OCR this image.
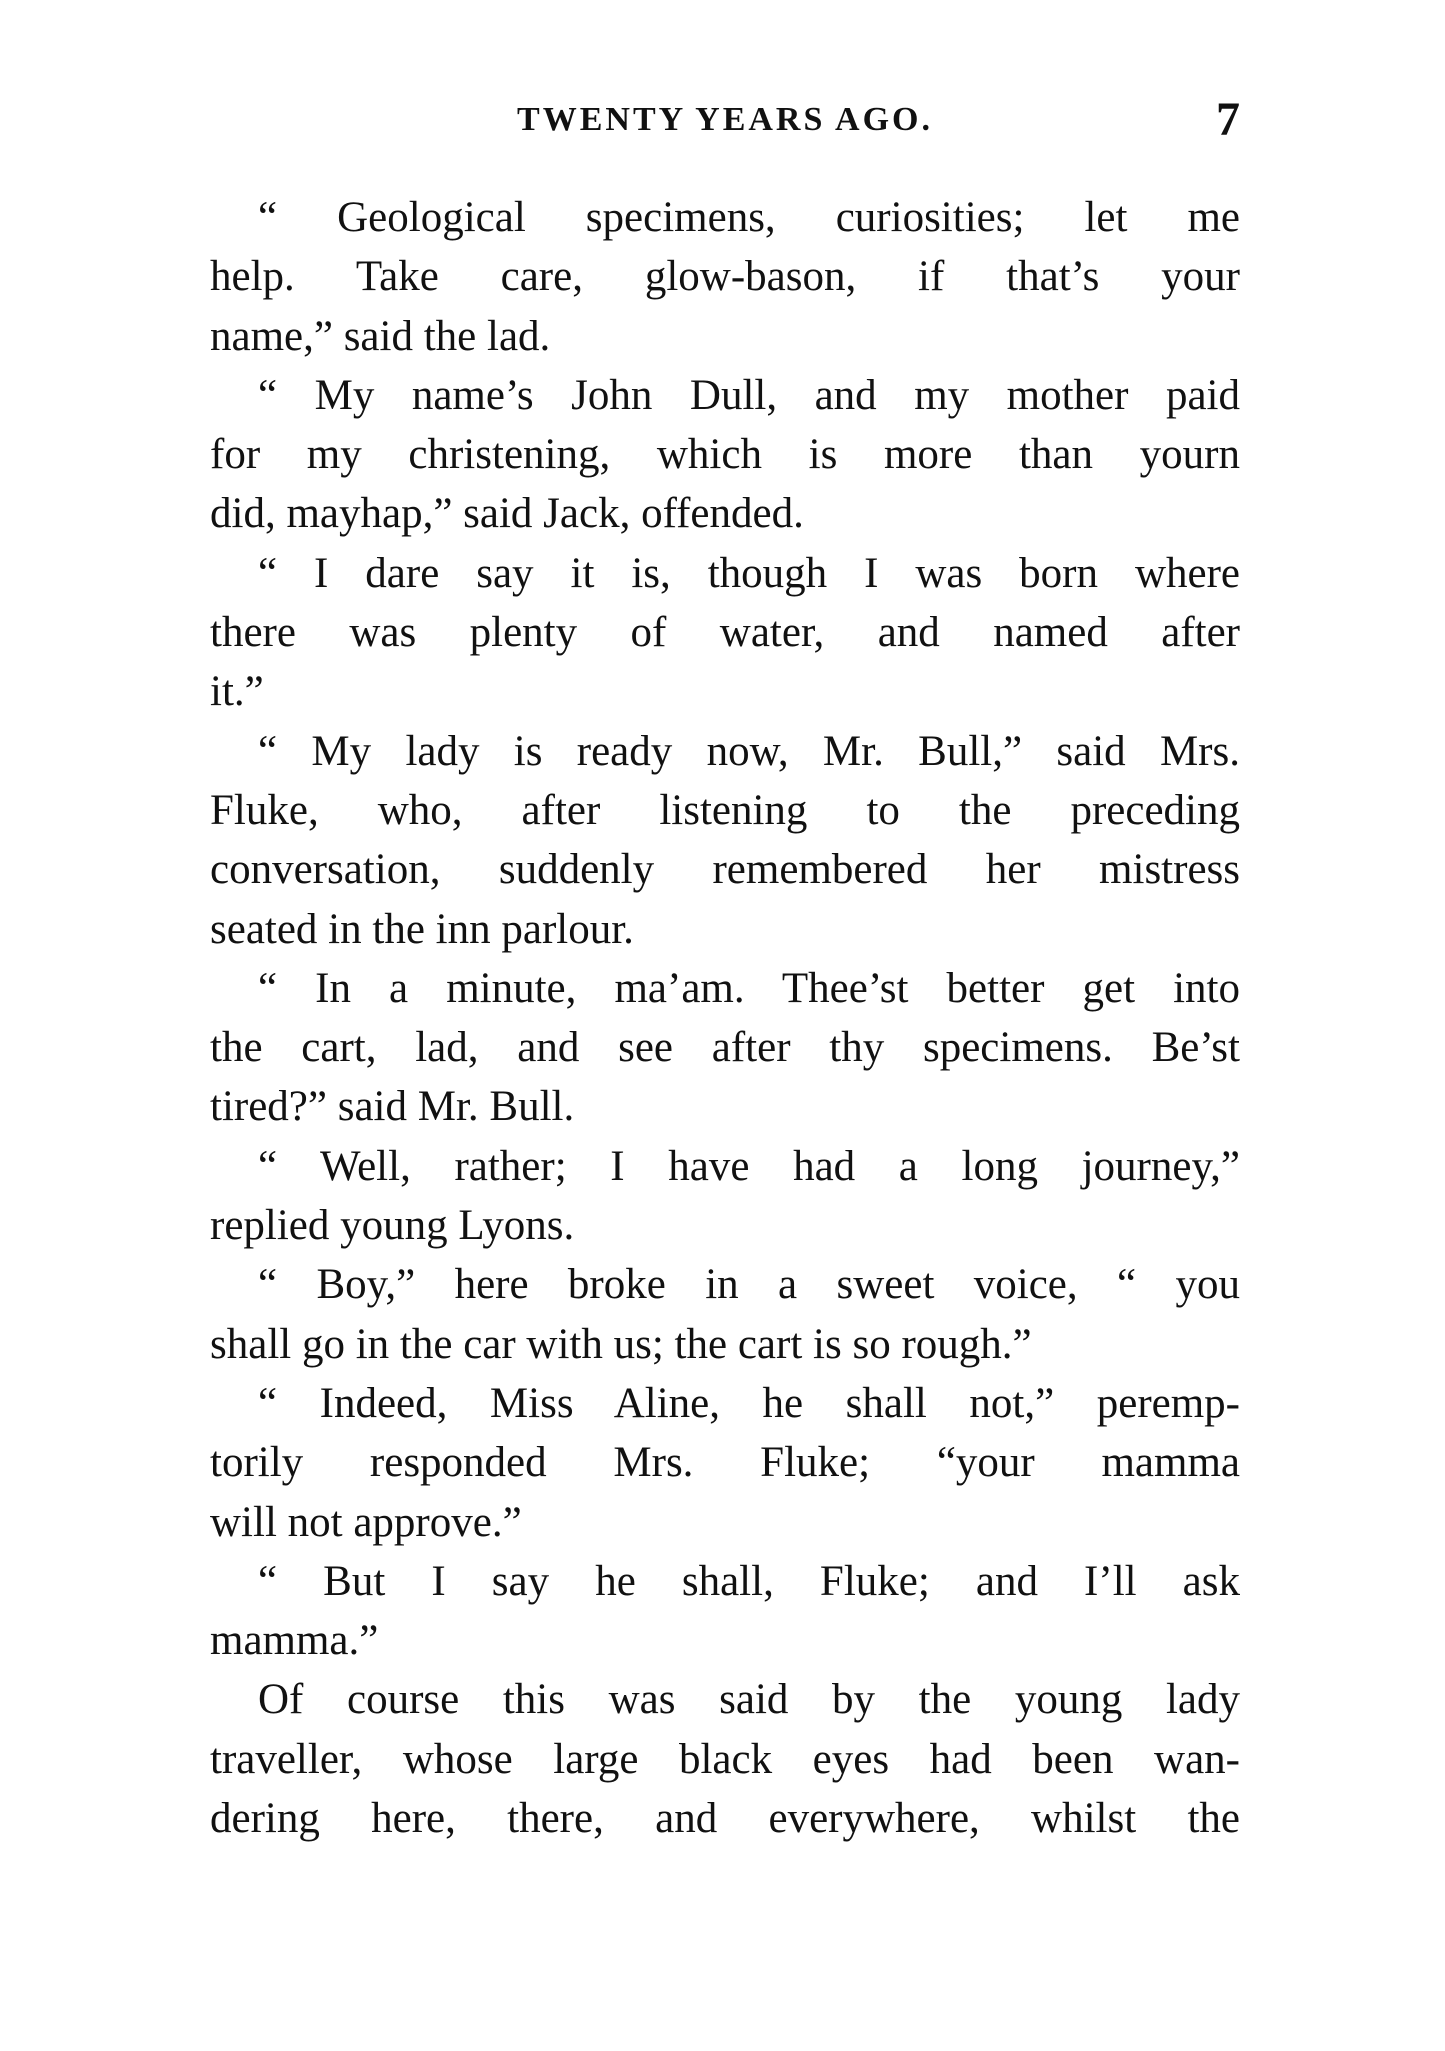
TWENTY YEARS AGO.	7

“ Geological specimens, curiosities; let me
help. Take care, glow-bason, if that’s your
name,” said the lad.

“ My name’s John Dull, and my mother paid
for my christening, which is more than yourn
did, mayhap,” said Jack, offended.

“ I dare say it is, though I was born where
there was plenty of water, and named after
it.”

“ My lady is ready now, Mr. Bull,” said Mrs.
Fluke, who, after listening to the preceding
conversation, suddenly remembered her mistress
seated in the inn parlour.

“ In a minute, ma’am. Thee’st better get into
the cart, lad, and see after thy specimens. Be’st
tired?” said Mr. Bull.

“ Well, rather; I have had a long journey,”
replied young Lyons.

“ Boy,” here broke in a sweet voice, “ you
shall go in the car with us; the cart is so rough.”

“ Indeed, Miss Aline, he shall not,” peremp-
torily responded Mrs. Fluke; “your mamma
will not approve.”

“ But I say he shall, Fluke; and I’ll ask
mamma.”

Of course this was said by the young lady
traveller, whose large black eyes had been wan-
dering here, there, and everywhere, whilst the
